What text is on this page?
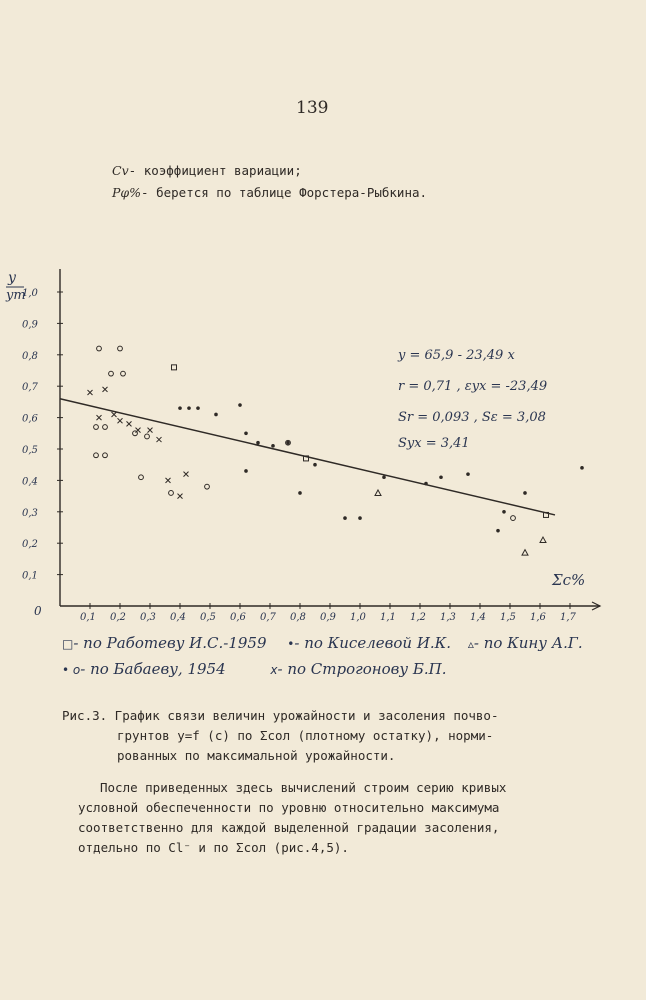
139
Cv- коэффициент вариации;
Pφ%- берется по таблице Форстера-Рыбкина.
y
ym
Σc%
0	0,1 0,2 0,3 0,4 0,5 0,6 0,7 0,8 0,9 1,0 1,1 1,2 1,3 1,4 1,5 1,6 1,7
0,1
0,2
0,3
0,4
0,5
0,6
0,7
0,8
0,9
1,0
y = 65,9 - 23,49 x
r = 0,71 , εyx = -23,49
Sr = 0,093 , Sε = 3,08
Syx = 3,41
□- по Работеву И.С.-1959 •- по Киселевой И.К. ▵- по Кину А.Г.
• о- по Бабаеву, 1954	х- по Строгонову Б.П.
Рис.3. График связи величин урожайности и засоления почво-
грунтов y=f (c) по Σсол (плотному остатку), норми-
рованных по максимальной урожайности.
После приведенных здесь вычислений строим серию кривых
условной обеспеченности по уровню относительно максимума
соответственно для каждой выделенной градации засоления,
отдельно по Cl⁻ и по Σсол (рис.4,5).
